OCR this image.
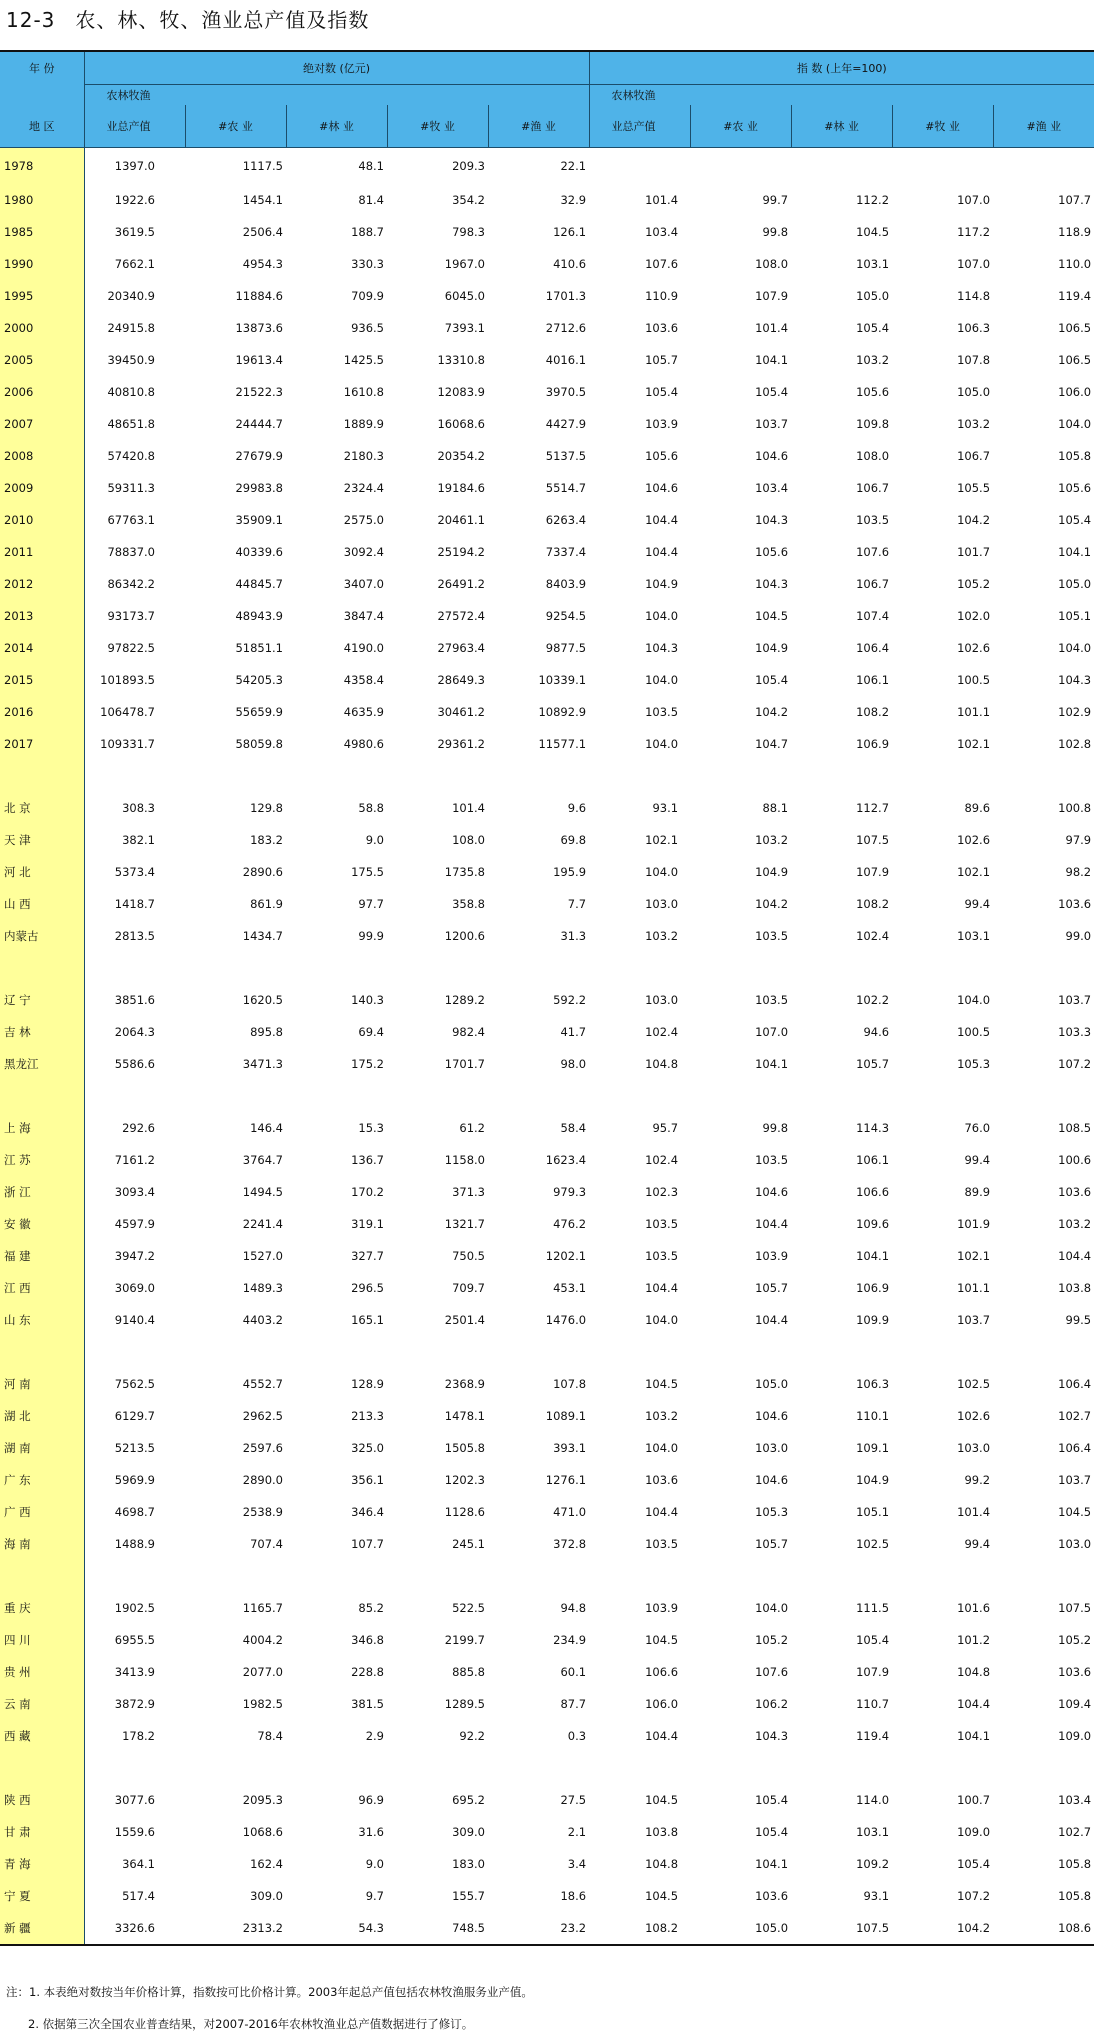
12-3 农、林、牧、渔业总产值及指数
年 份	绝对数 (亿元)					指 数 (上年=100)				
	农林牧渔					农林牧渔				
地 区	业总产值	#农 业	#林 业	#牧 业	#渔 业	业总产值	#农 业	#林 业	#牧 业	#渔 业
1978	1397.0	1117.5	48.1	209.3	22.1					
1980	1922.6	1454.1	81.4	354.2	32.9	101.4	99.7	112.2	107.0	107.7
1985	3619.5	2506.4	188.7	798.3	126.1	103.4	99.8	104.5	117.2	118.9
1990	7662.1	4954.3	330.3	1967.0	410.6	107.6	108.0	103.1	107.0	110.0
1995	20340.9	11884.6	709.9	6045.0	1701.3	110.9	107.9	105.0	114.8	119.4
2000	24915.8	13873.6	936.5	7393.1	2712.6	103.6	101.4	105.4	106.3	106.5
2005	39450.9	19613.4	1425.5	13310.8	4016.1	105.7	104.1	103.2	107.8	106.5
2006	40810.8	21522.3	1610.8	12083.9	3970.5	105.4	105.4	105.6	105.0	106.0
2007	48651.8	24444.7	1889.9	16068.6	4427.9	103.9	103.7	109.8	103.2	104.0
2008	57420.8	27679.9	2180.3	20354.2	5137.5	105.6	104.6	108.0	106.7	105.8
2009	59311.3	29983.8	2324.4	19184.6	5514.7	104.6	103.4	106.7	105.5	105.6
2010	67763.1	35909.1	2575.0	20461.1	6263.4	104.4	104.3	103.5	104.2	105.4
2011	78837.0	40339.6	3092.4	25194.2	7337.4	104.4	105.6	107.6	101.7	104.1
2012	86342.2	44845.7	3407.0	26491.2	8403.9	104.9	104.3	106.7	105.2	105.0
2013	93173.7	48943.9	3847.4	27572.4	9254.5	104.0	104.5	107.4	102.0	105.1
2014	97822.5	51851.1	4190.0	27963.4	9877.5	104.3	104.9	106.4	102.6	104.0
2015	101893.5	54205.3	4358.4	28649.3	10339.1	104.0	105.4	106.1	100.5	104.3
2016	106478.7	55659.9	4635.9	30461.2	10892.9	103.5	104.2	108.2	101.1	102.9
2017	109331.7	58059.8	4980.6	29361.2	11577.1	104.0	104.7	106.9	102.1	102.8

北 京	308.3	129.8	58.8	101.4	9.6	93.1	88.1	112.7	89.6	100.8
天 津	382.1	183.2	9.0	108.0	69.8	102.1	103.2	107.5	102.6	97.9
河 北	5373.4	2890.6	175.5	1735.8	195.9	104.0	104.9	107.9	102.1	98.2
山 西	1418.7	861.9	97.7	358.8	7.7	103.0	104.2	108.2	99.4	103.6
内蒙古	2813.5	1434.7	99.9	1200.6	31.3	103.2	103.5	102.4	103.1	99.0

辽 宁	3851.6	1620.5	140.3	1289.2	592.2	103.0	103.5	102.2	104.0	103.7
吉 林	2064.3	895.8	69.4	982.4	41.7	102.4	107.0	94.6	100.5	103.3
黑龙江	5586.6	3471.3	175.2	1701.7	98.0	104.8	104.1	105.7	105.3	107.2

上 海	292.6	146.4	15.3	61.2	58.4	95.7	99.8	114.3	76.0	108.5
江 苏	7161.2	3764.7	136.7	1158.0	1623.4	102.4	103.5	106.1	99.4	100.6
浙 江	3093.4	1494.5	170.2	371.3	979.3	102.3	104.6	106.6	89.9	103.6
安 徽	4597.9	2241.4	319.1	1321.7	476.2	103.5	104.4	109.6	101.9	103.2
福 建	3947.2	1527.0	327.7	750.5	1202.1	103.5	103.9	104.1	102.1	104.4
江 西	3069.0	1489.3	296.5	709.7	453.1	104.4	105.7	106.9	101.1	103.8
山 东	9140.4	4403.2	165.1	2501.4	1476.0	104.0	104.4	109.9	103.7	99.5

河 南	7562.5	4552.7	128.9	2368.9	107.8	104.5	105.0	106.3	102.5	106.4
湖 北	6129.7	2962.5	213.3	1478.1	1089.1	103.2	104.6	110.1	102.6	102.7
湖 南	5213.5	2597.6	325.0	1505.8	393.1	104.0	103.0	109.1	103.0	106.4
广 东	5969.9	2890.0	356.1	1202.3	1276.1	103.6	104.6	104.9	99.2	103.7
广 西	4698.7	2538.9	346.4	1128.6	471.0	104.4	105.3	105.1	101.4	104.5
海 南	1488.9	707.4	107.7	245.1	372.8	103.5	105.7	102.5	99.4	103.0

重 庆	1902.5	1165.7	85.2	522.5	94.8	103.9	104.0	111.5	101.6	107.5
四 川	6955.5	4004.2	346.8	2199.7	234.9	104.5	105.2	105.4	101.2	105.2
贵 州	3413.9	2077.0	228.8	885.8	60.1	106.6	107.6	107.9	104.8	103.6
云 南	3872.9	1982.5	381.5	1289.5	87.7	106.0	106.2	110.7	104.4	109.4
西 藏	178.2	78.4	2.9	92.2	0.3	104.4	104.3	119.4	104.1	109.0

陕 西	3077.6	2095.3	96.9	695.2	27.5	104.5	105.4	114.0	100.7	103.4
甘 肃	1559.6	1068.6	31.6	309.0	2.1	103.8	105.4	103.1	109.0	102.7
青 海	364.1	162.4	9.0	183.0	3.4	104.8	104.1	109.2	105.4	105.8
宁 夏	517.4	309.0	9.7	155.7	18.6	104.5	103.6	93.1	107.2	105.8
新 疆	3326.6	2313.2	54.3	748.5	23.2	108.2	105.0	107.5	104.2	108.6
注：1. 本表绝对数按当年价格计算，指数按可比价格计算。2003年起总产值包括农林牧渔服务业产值。
2. 依据第三次全国农业普查结果，对2007-2016年农林牧渔业总产值数据进行了修订。
